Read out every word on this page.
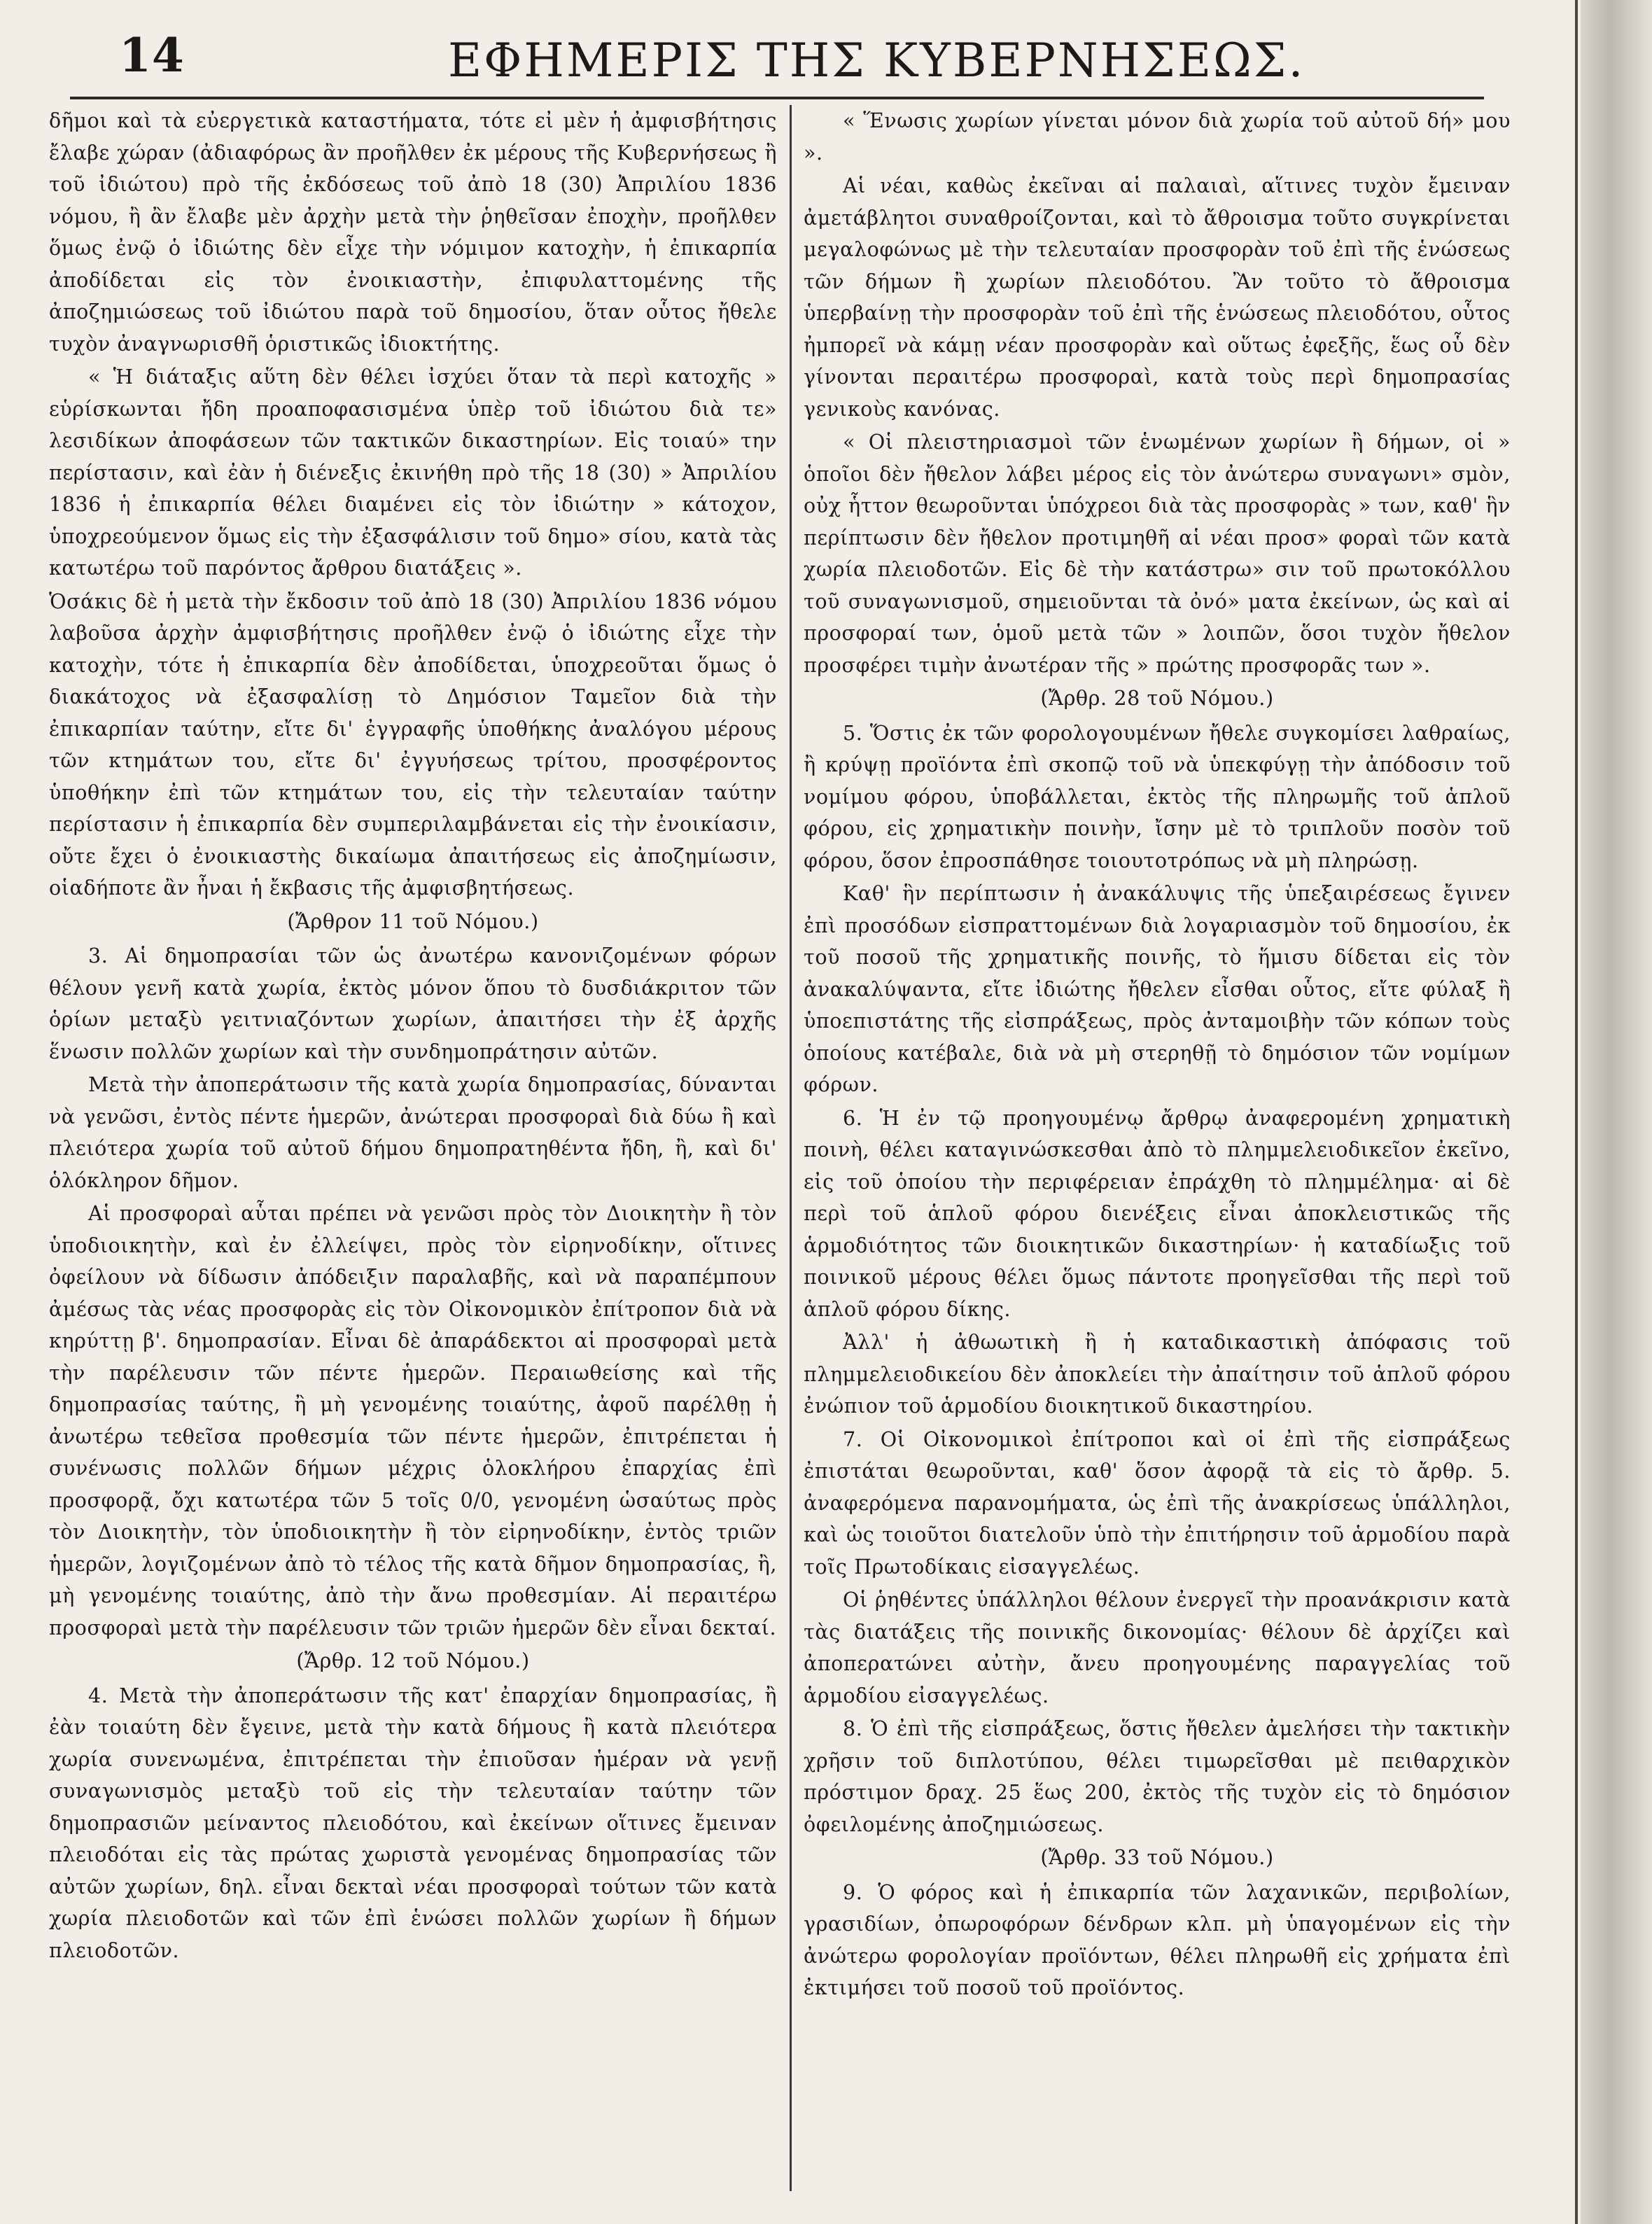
14	ΕΦΗΜΕΡΙΣ ΤΗΣ ΚΥΒΕΡΝΗΣΕΩΣ.

δῆμοι καὶ τὰ εὐεργετικὰ καταστήματα, τότε εἰ μὲν ἡ ἀμφισβήτησις ἔλαβε χώραν (ἀδιαφόρως ἂν προῆλθεν ἐκ μέρους τῆς Κυβερνήσεως ἢ τοῦ ἰδιώτου) πρὸ τῆς ἐκδόσεως τοῦ ἀπὸ 18 (30) Ἀπριλίου 1836 νόμου, ἢ ἂν ἔλαβε μὲν ἀρχὴν μετὰ τὴν ῥηθεῖσαν ἐποχὴν, προῆλθεν ὅμως ἐνῷ ὁ ἰδιώτης δὲν εἶχε τὴν νόμιμον κατοχὴν, ἡ ἐπικαρπία ἀποδίδεται εἰς τὸν ἐνοικιαστὴν, ἐπιφυλαττομένης τῆς ἀποζημιώσεως τοῦ ἰδιώτου παρὰ τοῦ δημοσίου, ὅταν οὗτος ἤθελε τυχὸν ἀναγνωρισθῆ ὁριστικῶς ἰδιοκτήτης.

« Ἡ διάταξις αὕτη δὲν θέλει ἰσχύει ὅταν τὰ περὶ κατοχῆς » εὑρίσκωνται ἤδη προαποφασισμένα ὑπὲρ τοῦ ἰδιώτου διὰ τε» λεσιδίκων ἀποφάσεων τῶν τακτικῶν δικαστηρίων. Εἰς τοιαύ» την περίστασιν, καὶ ἐὰν ἡ διένεξις ἐκινήθη πρὸ τῆς 18 (30) » Ἀπριλίου 1836 ἡ ἐπικαρπία θέλει διαμένει εἰς τὸν ἰδιώτην » κάτοχον, ὑποχρεούμενον ὅμως εἰς τὴν ἐξασφάλισιν τοῦ δημο» σίου, κατὰ τὰς κατωτέρω τοῦ παρόντος ἄρθρου διατάξεις ».

Ὁσάκις δὲ ἡ μετὰ τὴν ἔκδοσιν τοῦ ἀπὸ 18 (30) Ἀπριλίου 1836 νόμου λαβοῦσα ἀρχὴν ἀμφισβήτησις προῆλθεν ἐνῷ ὁ ἰδιώτης εἶχε τὴν κατοχὴν, τότε ἡ ἐπικαρπία δὲν ἀποδίδεται, ὑποχρεοῦται ὅμως ὁ διακάτοχος νὰ ἐξασφαλίσῃ τὸ Δημόσιον Ταμεῖον διὰ τὴν ἐπικαρπίαν ταύτην, εἴτε δι' ἐγγραφῆς ὑποθήκης ἀναλόγου μέρους τῶν κτημάτων του, εἴτε δι' ἐγγυήσεως τρίτου, προσφέροντος ὑποθήκην ἐπὶ τῶν κτημάτων του, εἰς τὴν τελευταίαν ταύτην περίστασιν ἡ ἐπικαρπία δὲν συμπεριλαμβάνεται εἰς τὴν ἐνοικίασιν, οὔτε ἔχει ὁ ἐνοικιαστὴς δικαίωμα ἀπαιτήσεως εἰς ἀποζημίωσιν, οἱαδήποτε ἂν ἦναι ἡ ἔκβασις τῆς ἀμφισβητήσεως.

(Ἄρθρον 11 τοῦ Νόμου.)

3. Αἱ δημοπρασίαι τῶν ὡς ἀνωτέρω κανονιζομένων φόρων θέλουν γενῆ κατὰ χωρία, ἐκτὸς μόνον ὅπου τὸ δυσδιάκριτον τῶν ὁρίων μεταξὺ γειτνιαζόντων χωρίων, ἀπαιτήσει τὴν ἐξ ἀρχῆς ἕνωσιν πολλῶν χωρίων καὶ τὴν συνδημοπράτησιν αὐτῶν.

Μετὰ τὴν ἀποπεράτωσιν τῆς κατὰ χωρία δημοπρασίας, δύνανται νὰ γενῶσι, ἐντὸς πέντε ἡμερῶν, ἀνώτεραι προσφοραὶ διὰ δύω ἢ καὶ πλειότερα χωρία τοῦ αὐτοῦ δήμου δημοπρατηθέντα ἤδη, ἢ, καὶ δι' ὁλόκληρον δῆμον.

Αἱ προσφοραὶ αὗται πρέπει νὰ γενῶσι πρὸς τὸν Διοικητὴν ἢ τὸν ὑποδιοικητὴν, καὶ ἐν ἐλλείψει, πρὸς τὸν εἰρηνοδίκην, οἵτινες ὀφείλουν νὰ δίδωσιν ἀπόδειξιν παραλαβῆς, καὶ νὰ παραπέμπουν ἀμέσως τὰς νέας προσφορὰς εἰς τὸν Οἰκονομικὸν ἐπίτροπον διὰ νὰ κηρύττῃ β'. δημοπρασίαν. Εἶναι δὲ ἀπαράδεκτοι αἱ προσφοραὶ μετὰ τὴν παρέλευσιν τῶν πέντε ἡμερῶν. Περαιωθείσης καὶ τῆς δημοπρασίας ταύτης, ἢ μὴ γενομένης τοιαύτης, ἀφοῦ παρέλθῃ ἡ ἀνωτέρω τεθεῖσα προθεσμία τῶν πέντε ἡμερῶν, ἐπιτρέπεται ἡ συνένωσις πολλῶν δήμων μέχρις ὁλοκλήρου ἐπαρχίας ἐπὶ προσφορᾷ, ὄχι κατωτέρα τῶν 5 τοῖς 0/0, γενομένη ὡσαύτως πρὸς τὸν Διοικητὴν, τὸν ὑποδιοικητὴν ἢ τὸν εἰρηνοδίκην, ἐντὸς τριῶν ἡμερῶν, λογιζομένων ἀπὸ τὸ τέλος τῆς κατὰ δῆμον δημοπρασίας, ἢ, μὴ γενομένης τοιαύτης, ἀπὸ τὴν ἄνω προθεσμίαν. Αἱ περαιτέρω προσφοραὶ μετὰ τὴν παρέλευσιν τῶν τριῶν ἡμερῶν δὲν εἶναι δεκταί.

(Ἄρθρ. 12 τοῦ Νόμου.)

4. Μετὰ τὴν ἀποπεράτωσιν τῆς κατ' ἐπαρχίαν δημοπρασίας, ἢ ἐὰν τοιαύτη δὲν ἔγεινε, μετὰ τὴν κατὰ δήμους ἢ κατὰ πλειότερα χωρία συνενωμένα, ἐπιτρέπεται τὴν ἐπιοῦσαν ἡμέραν νὰ γενῇ συναγωνισμὸς μεταξὺ τοῦ εἰς τὴν τελευταίαν ταύτην τῶν δημοπρασιῶν μείναντος πλειοδότου, καὶ ἐκείνων οἵτινες ἔμειναν πλειοδόται εἰς τὰς πρώτας χωριστὰ γενομένας δημοπρασίας τῶν αὐτῶν χωρίων, δηλ. εἶναι δεκταὶ νέαι προσφοραὶ τούτων τῶν κατὰ χωρία πλειοδοτῶν καὶ τῶν ἐπὶ ἑνώσει πολλῶν χωρίων ἢ δήμων πλειοδοτῶν.

« Ἕνωσις χωρίων γίνεται μόνον διὰ χωρία τοῦ αὐτοῦ δή» μου ».

Αἱ νέαι, καθὼς ἐκεῖναι αἱ παλαιαὶ, αἵτινες τυχὸν ἔμειναν ἀμετάβλητοι συναθροίζονται, καὶ τὸ ἄθροισμα τοῦτο συγκρίνεται μεγαλοφώνως μὲ τὴν τελευταίαν προσφορὰν τοῦ ἐπὶ τῆς ἑνώσεως τῶν δήμων ἢ χωρίων πλειοδότου. Ἂν τοῦτο τὸ ἄθροισμα ὑπερβαίνῃ τὴν προσφορὰν τοῦ ἐπὶ τῆς ἑνώσεως πλειοδότου, οὗτος ἠμπορεῖ νὰ κάμῃ νέαν προσφορὰν καὶ οὕτως ἐφεξῆς, ἕως οὗ δὲν γίνονται περαιτέρω προσφοραὶ, κατὰ τοὺς περὶ δημοπρασίας γενικοὺς κανόνας.

« Οἱ πλειστηριασμοὶ τῶν ἑνωμένων χωρίων ἢ δήμων, οἱ » ὁποῖοι δὲν ἤθελον λάβει μέρος εἰς τὸν ἀνώτερω συναγωνι» σμὸν, οὐχ ἧττον θεωροῦνται ὑπόχρεοι διὰ τὰς προσφορὰς » των, καθ' ἣν περίπτωσιν δὲν ἤθελον προτιμηθῆ αἱ νέαι προσ» φοραὶ τῶν κατὰ χωρία πλειοδοτῶν. Εἰς δὲ τὴν κατάστρω» σιν τοῦ πρωτοκόλλου τοῦ συναγωνισμοῦ, σημειοῦνται τὰ ὀνό» ματα ἐκείνων, ὡς καὶ αἱ προσφοραί των, ὁμοῦ μετὰ τῶν » λοιπῶν, ὅσοι τυχὸν ἤθελον προσφέρει τιμὴν ἀνωτέραν τῆς » πρώτης προσφορᾶς των ».

(Ἄρθρ. 28 τοῦ Νόμου.)

5. Ὅστις ἐκ τῶν φορολογουμένων ἤθελε συγκομίσει λαθραίως, ἢ κρύψῃ προϊόντα ἐπὶ σκοπῷ τοῦ νὰ ὑπεκφύγῃ τὴν ἀπόδοσιν τοῦ νομίμου φόρου, ὑποβάλλεται, ἐκτὸς τῆς πληρωμῆς τοῦ ἁπλοῦ φόρου, εἰς χρηματικὴν ποινὴν, ἴσην μὲ τὸ τριπλοῦν ποσὸν τοῦ φόρου, ὅσον ἐπροσπάθησε τοιουτοτρόπως νὰ μὴ πληρώσῃ.

Καθ' ἣν περίπτωσιν ἡ ἀνακάλυψις τῆς ὑπεξαιρέσεως ἔγινεν ἐπὶ προσόδων εἰσπραττομένων διὰ λογαριασμὸν τοῦ δημοσίου, ἐκ τοῦ ποσοῦ τῆς χρηματικῆς ποινῆς, τὸ ἥμισυ δίδεται εἰς τὸν ἀνακαλύψαντα, εἴτε ἰδιώτης ἤθελεν εἶσθαι οὗτος, εἴτε φύλαξ ἢ ὑποεπιστάτης τῆς εἰσπράξεως, πρὸς ἀνταμοιβὴν τῶν κόπων τοὺς ὁποίους κατέβαλε, διὰ νὰ μὴ στερηθῇ τὸ δημόσιον τῶν νομίμων φόρων.

6. Ἡ ἐν τῷ προηγουμένῳ ἄρθρῳ ἀναφερομένη χρηματικὴ ποινὴ, θέλει καταγινώσκεσθαι ἀπὸ τὸ πλημμελειοδικεῖον ἐκεῖνο, εἰς τοῦ ὁποίου τὴν περιφέρειαν ἐπράχθη τὸ πλημμέλημα· αἱ δὲ περὶ τοῦ ἁπλοῦ φόρου διενέξεις εἶναι ἀποκλειστικῶς τῆς ἁρμοδιότητος τῶν διοικητικῶν δικαστηρίων· ἡ καταδίωξις τοῦ ποινικοῦ μέρους θέλει ὅμως πάντοτε προηγεῖσθαι τῆς περὶ τοῦ ἁπλοῦ φόρου δίκης.

Ἀλλ' ἡ ἀθωωτικὴ ἢ ἡ καταδικαστικὴ ἀπόφασις τοῦ πλημμελειοδικείου δὲν ἀποκλείει τὴν ἀπαίτησιν τοῦ ἁπλοῦ φόρου ἐνώπιον τοῦ ἁρμοδίου διοικητικοῦ δικαστηρίου.

7. Οἱ Οἰκονομικοὶ ἐπίτροποι καὶ οἱ ἐπὶ τῆς εἰσπράξεως ἐπιστάται θεωροῦνται, καθ' ὅσον ἀφορᾷ τὰ εἰς τὸ ἄρθρ. 5. ἀναφερόμενα παρανομήματα, ὡς ἐπὶ τῆς ἀνακρίσεως ὑπάλληλοι, καὶ ὡς τοιοῦτοι διατελοῦν ὑπὸ τὴν ἐπιτήρησιν τοῦ ἁρμοδίου παρὰ τοῖς Πρωτοδίκαις εἰσαγγελέως.

Οἱ ῥηθέντες ὑπάλληλοι θέλουν ἐνεργεῖ τὴν προανάκρισιν κατὰ τὰς διατάξεις τῆς ποινικῆς δικονομίας· θέλουν δὲ ἀρχίζει καὶ ἀποπερατώνει αὐτὴν, ἄνευ προηγουμένης παραγγελίας τοῦ ἁρμοδίου εἰσαγγελέως.

8. Ὁ ἐπὶ τῆς εἰσπράξεως, ὅστις ἤθελεν ἀμελήσει τὴν τακτικὴν χρῆσιν τοῦ διπλοτύπου, θέλει τιμωρεῖσθαι μὲ πειθαρχικὸν πρόστιμον δραχ. 25 ἕως 200, ἐκτὸς τῆς τυχὸν εἰς τὸ δημόσιον ὀφειλομένης ἀποζημιώσεως.

(Ἄρθρ. 33 τοῦ Νόμου.)

9. Ὁ φόρος καὶ ἡ ἐπικαρπία τῶν λαχανικῶν, περιβολίων, γρασιδίων, ὀπωροφόρων δένδρων κλπ. μὴ ὑπαγομένων εἰς τὴν ἀνώτερω φορολογίαν προϊόντων, θέλει πληρωθῆ εἰς χρήματα ἐπὶ ἐκτιμήσει τοῦ ποσοῦ τοῦ προϊόντος.
